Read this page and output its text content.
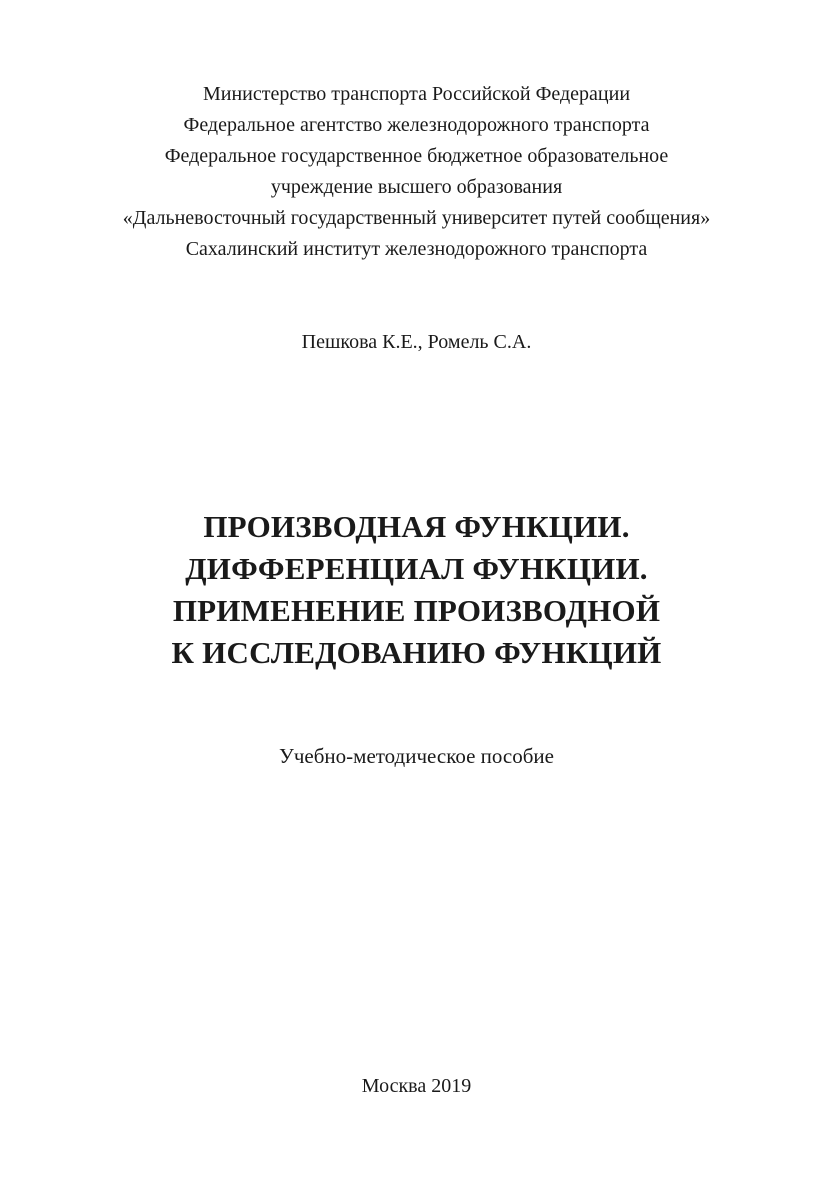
Министерство транспорта Российской Федерации
Федеральное агентство железнодорожного транспорта
Федеральное государственное бюджетное образовательное
учреждение высшего образования
«Дальневосточный государственный университет путей сообщения»
Сахалинский институт железнодорожного транспорта
Пешкова К.Е., Ромель С.А.
ПРОИЗВОДНАЯ ФУНКЦИИ.
ДИФФЕРЕНЦИАЛ ФУНКЦИИ.
ПРИМЕНЕНИЕ ПРОИЗВОДНОЙ
К ИССЛЕДОВАНИЮ ФУНКЦИЙ
Учебно-методическое пособие
Москва 2019
